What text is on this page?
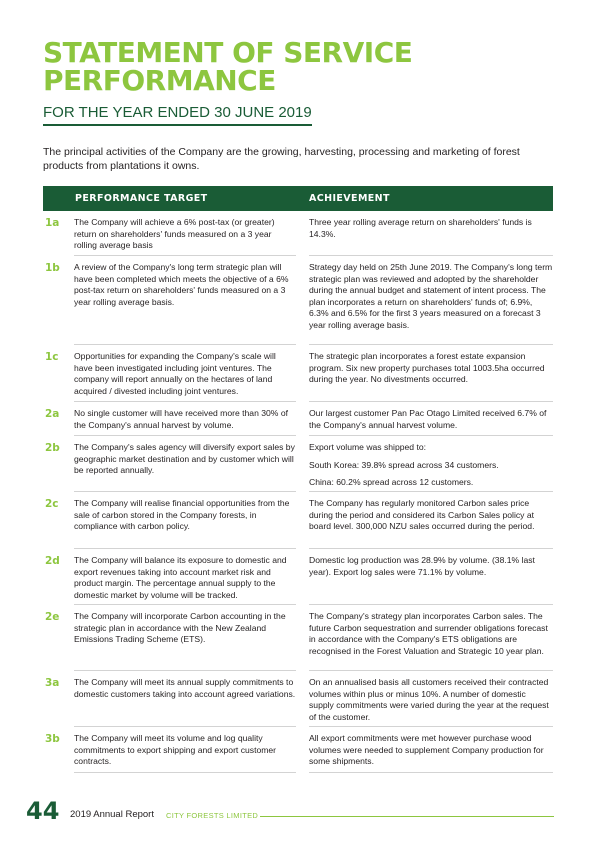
STATEMENT OF SERVICE PERFORMANCE
FOR THE YEAR ENDED 30 JUNE 2019
The principal activities of the Company are the growing, harvesting, processing and marketing of forest products from plantations it owns.
PERFORMANCE TARGET	ACHIEVEMENT
1a The Company will achieve a 6% post-tax (or greater) return on shareholders' funds measured on a 3 year rolling average basis

Three year rolling average return on shareholders' funds is 14.3%.

1b A review of the Company's long term strategic plan will have been completed which meets the objective of a 6% post-tax return on shareholders' funds measured on a 3 year rolling average basis.

Strategy day held on 25th June 2019. The Company's long term strategic plan was reviewed and adopted by the shareholder during the annual budget and statement of intent process. The plan incorporates a return on shareholders' funds of; 6.9%, 6.3% and 6.5% for the first 3 years measured on a forecast 3 year rolling average basis.

1c Opportunities for expanding the Company's scale will have been investigated including joint ventures. The company will report annually on the hectares of land acquired / divested including joint ventures.

The strategic plan incorporates a forest estate expansion program. Six new property purchases total 1003.5ha occurred during the year. No divestments occurred.

2a No single customer will have received more than 30% of the Company's annual harvest by volume.

Our largest customer Pan Pac Otago Limited received 6.7% of the Company's annual harvest volume.

2b The Company's sales agency will diversify export sales by geographic market destination and by customer which will be reported annually.

Export volume was shipped to:

South Korea: 39.8% spread across 34 customers.

China: 60.2% spread across 12 customers.

2c The Company will realise financial opportunities from the sale of carbon stored in the Company forests, in compliance with carbon policy.

The Company has regularly monitored Carbon sales price during the period and considered its Carbon Sales policy at board level. 300,000 NZU sales occurred during the period.

2d The Company will balance its exposure to domestic and export revenues taking into account market risk and product margin. The percentage annual supply to the domestic market by volume will be tracked.

Domestic log production was 28.9% by volume. (38.1% last year). Export log sales were 71.1% by volume.

2e The Company will incorporate Carbon accounting in the strategic plan in accordance with the New Zealand Emissions Trading Scheme (ETS).

The Company's strategy plan incorporates Carbon sales. The future Carbon sequestration and surrender obligations forecast in accordance with the Company's ETS obligations are recognised in the Forest Valuation and Strategic 10 year plan.

3a The Company will meet its annual supply commitments to domestic customers taking into account agreed variations.

On an annualised basis all customers received their contracted volumes within plus or minus 10%. A number of domestic supply commitments were varied during the year at the request of the customer.

3b The Company will meet its volume and log quality commitments to export shipping and export customer contracts.

All export commitments were met however purchase wood volumes were needed to supplement Company production for some shipments.

44 2019 Annual Report CITY FORESTS LIMITED
